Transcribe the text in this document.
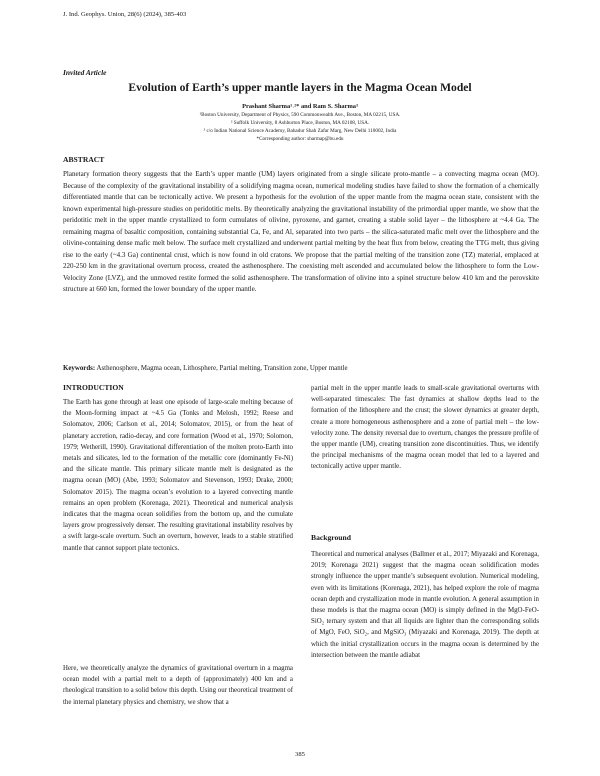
J. Ind. Geophys. Union, 28(6) (2024), 385-403

Invited Article

Evolution of Earth’s upper mantle layers in the Magma Ocean Model

Prashant Sharma¹˒²* and Ram S. Sharma³

¹Boston University, Department of Physics, 590 Commonwealth Ave., Boston, MA 02215, USA.

² Suffolk University, 8 Ashburton Place, Boston, MA 02108, USA.

³ c/o Indian National Science Academy, Bahadur Shah Zafar Marg, New Delhi 110002, India

*Corresponding author: sharmap@bu.edu

ABSTRACT

Planetary formation theory suggests that the Earth’s upper mantle (UM) layers originated from a single silicate proto-mantle – a convecting magma ocean (MO). Because of the complexity of the gravitational instability of a solidifying magma ocean, numerical modeling studies have failed to show the formation of a chemically differentiated mantle that can be tectonically active. We present a hypothesis for the evolution of the upper mantle from the magma ocean state, consistent with the known experimental high-pressure studies on peridotitic melts. By theoretically analyzing the gravitational instability of the primordial upper mantle, we show that the peridotitic melt in the upper mantle crystallized to form cumulates of olivine, pyroxene, and garnet, creating a stable solid layer – the lithosphere at ~4.4 Ga. The remaining magma of basaltic composition, containing substantial Ca, Fe, and Al, separated into two parts – the silica-saturated mafic melt over the lithosphere and the olivine-containing dense mafic melt below. The surface melt crystallized and underwent partial melting by the heat flux from below, creating the TTG melt, thus giving rise to the early (~4.3 Ga) continental crust, which is now found in old cratons. We propose that the partial melting of the transition zone (TZ) material, emplaced at 220-250 km in the gravitational overturn process, created the asthenosphere. The coexisting melt ascended and accumulated below the lithosphere to form the Low-Velocity Zone (LVZ), and the unmoved restite formed the solid asthenosphere. The transformation of olivine into a spinel structure below 410 km and the perovskite structure at 660 km, formed the lower boundary of the upper mantle.

Keywords: Asthenosphere, Magma ocean, Lithosphere, Partial melting, Transition zone, Upper mantle

INTRODUCTION

The Earth has gone through at least one episode of large-scale melting because of the Moon-forming impact at ~4.5 Ga (Tonks and Melosh, 1992; Reese and Solomatov, 2006; Carlson et al., 2014; Solomatov, 2015), or from the heat of planetary accretion, radio-decay, and core formation (Wood et al., 1970; Solomon, 1979; Wetherill, 1990). Gravitational differentiation of the molten proto-Earth into metals and silicates, led to the formation of the metallic core (dominantly Fe-Ni) and the silicate mantle. This primary silicate mantle melt is designated as the magma ocean (MO) (Abe, 1993; Solomatov and Stevenson, 1993; Drake, 2000; Solomatov 2015). The magma ocean’s evolution to a layered convecting mantle remains an open problem (Korenaga, 2021). Theoretical and numerical analysis indicates that the magma ocean solidifies from the bottom up, and the cumulate layers grow progressively denser. The resulting gravitational instability resolves by a swift large-scale overturn. Such an overturn, however, leads to a stable stratified mantle that cannot support plate tectonics.

Here, we theoretically analyze the dynamics of gravitational overturn in a magma ocean model with a partial melt to a depth of (approximately) 400 km and a rheological transition to a solid below this depth. Using our theoretical treatment of the internal planetary physics and chemistry, we show that a

partial melt in the upper mantle leads to small-scale gravitational overturns with well-separated timescales: The fast dynamics at shallow depths lead to the formation of the lithosphere and the crust; the slower dynamics at greater depth, create a more homogeneous asthenosphere and a zone of partial melt – the low-velocity zone. The density reversal due to overturn, changes the pressure profile of the upper mantle (UM), creating transition zone discontinuities. Thus, we identify the principal mechanisms of the magma ocean model that led to a layered and tectonically active upper mantle.

Background

Theoretical and numerical analyses (Ballmer et al., 2017; Miyazaki and Korenaga, 2019; Korenaga 2021) suggest that the magma ocean solidification modes strongly influence the upper mantle’s subsequent evolution. Numerical modeling, even with its limitations (Korenaga, 2021), has helped explore the role of magma ocean depth and crystallization mode in mantle evolution. A general assumption in these models is that the magma ocean (MO) is simply defined in the MgO-FeO-SiO₂ ternary system and that all liquids are lighter than the corresponding solids of MgO, FeO, SiO₂, and MgSiO₃ (Miyazaki and Korenaga, 2019). The depth at which the initial crystallization occurs in the magma ocean is determined by the intersection between the mantle adiabat

385
